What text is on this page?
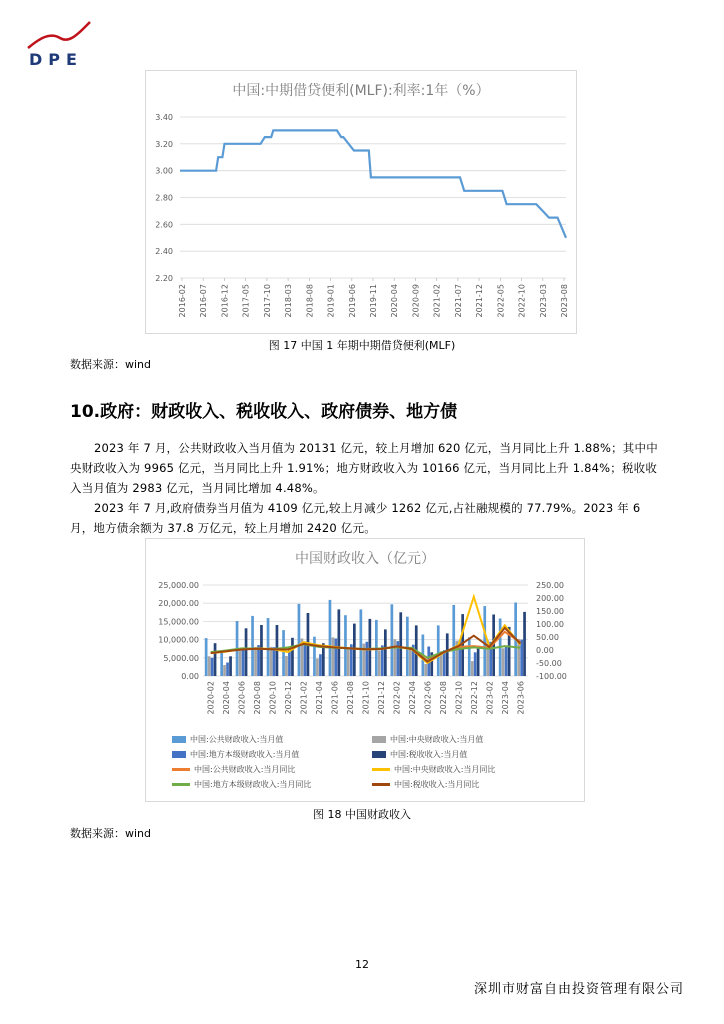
DPE
中国:中期借贷便利(MLF):利率:1年（%）
2.20
2.40
2.60
2.80
3.00
3.20
3.40
2016-02 2016-07 2016-12 2017-05 2017-10 2018-03 2018-08 2019-01 2019-06 2019-11 2020-04 2020-09 2021-02 2021-07 2021-12 2022-05 2022-10 2023-03 2023-08
图 17 中国 1 年期中期借贷便利(MLF)
数据来源：wind
10.政府：财政收入、税收收入、政府债券、地方债
2023 年 7 月，公共财政收入当月值为 20131 亿元，较上月增加 620 亿元，当月同比上升 1.88%；其中中央财政收入为 9965 亿元，当月同比上升 1.91%；地方财政收入为 10166 亿元，当月同比上升 1.84%；税收收入当月值为 2983 亿元，当月同比增加 4.48%。
2023 年 7 月,政府债券当月值为 4109 亿元,较上月减少 1262 亿元,占社融规模的 77.79%。2023 年 6 月，地方债余额为 37.8 万亿元，较上月增加 2420 亿元。
中国财政收入（亿元）
0.00
5,000.00
10,000.00
15,000.00
20,000.00
25,000.00
-100.00
-50.00
0.00
50.00
100.00
150.00
200.00
250.00
2020-02 2020-04 2020-06 2020-08 2020-10 2020-12 2021-02 2021-04 2021-06 2021-08 2021-10 2021-12 2022-02 2022-04 2022-06 2022-08 2022-10 2022-12 2023-02 2023-04 2023-06
中国:公共财政收入:当月值	中国:中央财政收入:当月值
中国:地方本级财政收入:当月值	中国:税收收入:当月值
中国:公共财政收入:当月同比	中国:中央财政收入:当月同比
中国:地方本级财政收入:当月同比	中国:税收收入:当月同比
图 18 中国财政收入
数据来源：wind
12
深圳市财富自由投资管理有限公司
